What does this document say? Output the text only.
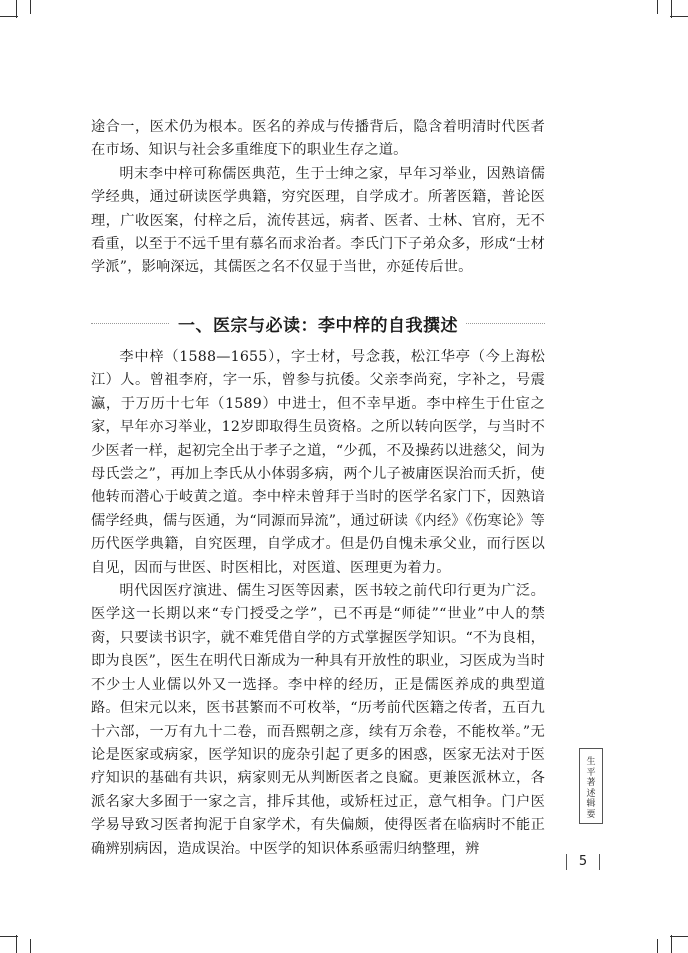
途合一，医术仍为根本。医名的养成与传播背后，隐含着明清时代医者在市场、知识与社会多重维度下的职业生存之道。

明末李中梓可称儒医典范，生于士绅之家，早年习举业，因熟谙儒学经典，通过研读医学典籍，穷究医理，自学成才。所著医籍，普论医理，广收医案，付梓之后，流传甚远，病者、医者、士林、官府，无不看重，以至于不远千里有慕名而求治者。李氏门下子弟众多，形成“士材学派”，影响深远，其儒医之名不仅显于当世，亦延传后世。

一、医宗与必读：李中梓的自我撰述

李中梓（1588—1655），字士材，号念莪，松江华亭（今上海松江）人。曾祖李府，字一乐，曾参与抗倭。父亲李尚兖，字补之，号震瀛，于万历十七年（1589）中进士，但不幸早逝。李中梓生于仕宦之家，早年亦习举业，12岁即取得生员资格。之所以转向医学，与当时不少医者一样，起初完全出于孝子之道，“少孤，不及操药以进慈父，间为母氏尝之”，再加上李氏从小体弱多病，两个儿子被庸医误治而夭折，使他转而潜心于岐黄之道。李中梓未曾拜于当时的医学名家门下，因熟谙儒学经典，儒与医通，为“同源而异流”，通过研读《内经》《伤寒论》等历代医学典籍，自究医理，自学成才。但是仍自愧未承父业，而行医以自见，因而与世医、时医相比，对医道、医理更为着力。

明代因医疗演进、儒生习医等因素，医书较之前代印行更为广泛。医学这一长期以来“专门授受之学”，已不再是“师徒”“世业”中人的禁脔，只要读书识字，就不难凭借自学的方式掌握医学知识。“不为良相，即为良医”，医生在明代日渐成为一种具有开放性的职业，习医成为当时不少士人业儒以外又一选择。李中梓的经历，正是儒医养成的典型道路。但宋元以来，医书甚繁而不可枚举，“历考前代医籍之传者，五百九十六部，一万有九十二卷，而吾熙朝之彦，续有万余卷，不能枚举。”无论是医家或病家，医学知识的庞杂引起了更多的困惑，医家无法对于医疗知识的基础有共识，病家则无从判断医者之良窳。更兼医派林立，各派名家大多囿于一家之言，排斥其他，或矫枉过正，意气相争。门户医学易导致习医者拘泥于自家学术，有失偏颇，使得医者在临病时不能正确辨别病因，造成误治。中医学的知识体系亟需归纳整理，辨

生
平
著
述
辑
要
5
